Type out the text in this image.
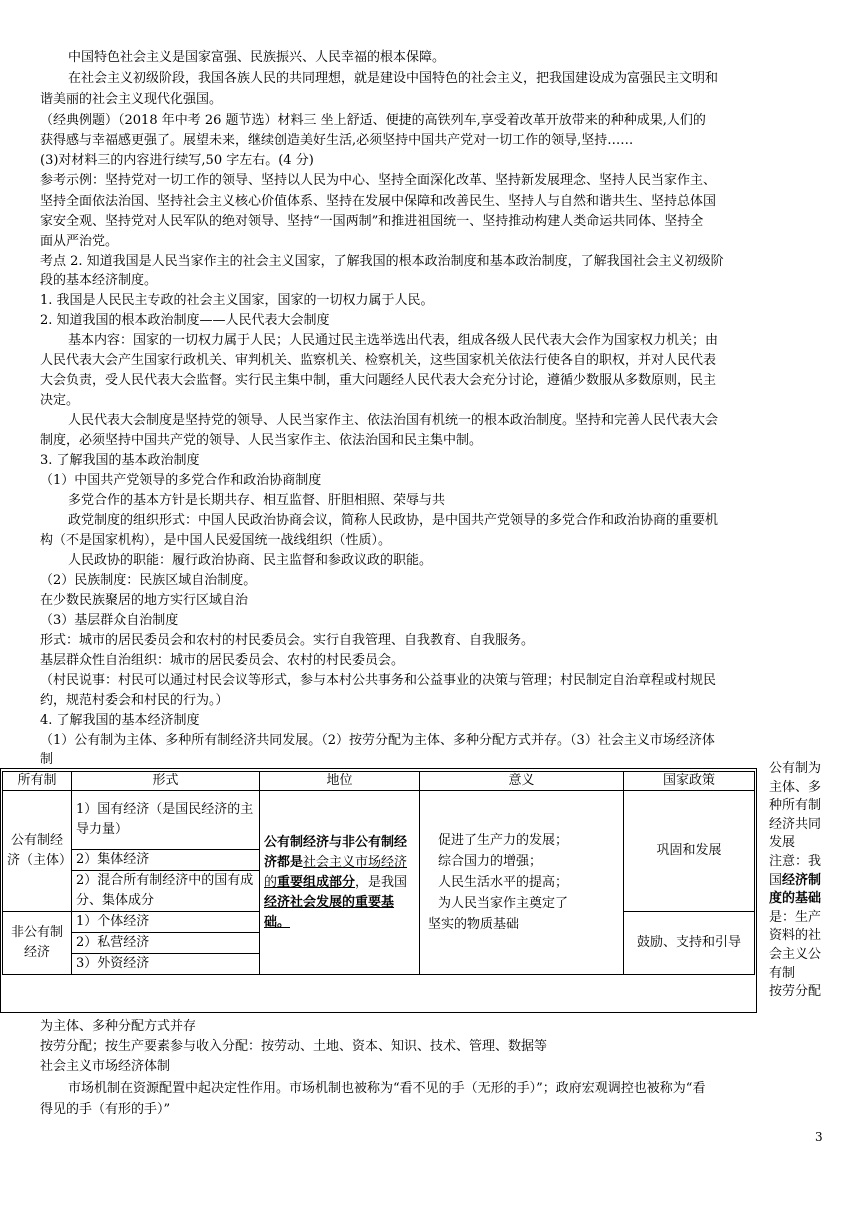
中国特色社会主义是国家富强、民族振兴、人民幸福的根本保障。
在社会主义初级阶段，我国各族人民的共同理想，就是建设中国特色的社会主义，把我国建设成为富强民主文明和
谐美丽的社会主义现代化强国。
（经典例题）（2018 年中考 26 题节选）材料三 坐上舒适、便捷的高铁列车,享受着改革开放带来的种种成果,人们的
获得感与幸福感更强了。展望未来，继续创造美好生活,必须坚持中国共产党对一切工作的领导,坚持……
(3)对材料三的内容进行续写,50 字左右。(4 分)
参考示例：坚持党对一切工作的领导、坚持以人民为中心、坚持全面深化改革、坚持新发展理念、坚持人民当家作主、
坚持全面依法治国、坚持社会主义核心价值体系、坚持在发展中保障和改善民生、坚持人与自然和谐共生、坚持总体国
家安全观、坚持党对人民军队的绝对领导、坚持“一国两制”和推进祖国统一、坚持推动构建人类命运共同体、坚持全
面从严治党。
考点 2. 知道我国是人民当家作主的社会主义国家，了解我国的根本政治制度和基本政治制度，了解我国社会主义初级阶
段的基本经济制度。
1. 我国是人民民主专政的社会主义国家，国家的一切权力属于人民。
2. 知道我国的根本政治制度——人民代表大会制度
基本内容：国家的一切权力属于人民；人民通过民主选举选出代表，组成各级人民代表大会作为国家权力机关；由
人民代表大会产生国家行政机关、审判机关、监察机关、检察机关，这些国家机关依法行使各自的职权，并对人民代表
大会负责，受人民代表大会监督。实行民主集中制，重大问题经人民代表大会充分讨论，遵循少数服从多数原则，民主
决定。
人民代表大会制度是坚持党的领导、人民当家作主、依法治国有机统一的根本政治制度。坚持和完善人民代表大会
制度，必须坚持中国共产党的领导、人民当家作主、依法治国和民主集中制。
3. 了解我国的基本政治制度
（1）中国共产党领导的多党合作和政治协商制度
多党合作的基本方针是长期共存、相互监督、肝胆相照、荣辱与共
政党制度的组织形式：中国人民政治协商会议，简称人民政协，是中国共产党领导的多党合作和政治协商的重要机
构（不是国家机构），是中国人民爱国统一战线组织（性质）。
人民政协的职能：履行政治协商、民主监督和参政议政的职能。
（2）民族制度：民族区域自治制度。
在少数民族聚居的地方实行区域自治
（3）基层群众自治制度
形式：城市的居民委员会和农村的村民委员会。实行自我管理、自我教育、自我服务。
基层群众性自治组织：城市的居民委员会、农村的村民委员会。
（村民说事：村民可以通过村民会议等形式，参与本村公共事务和公益事业的决策与管理；村民制定自治章程或村规民
约，规范村委会和村民的行为。）
4. 了解我国的基本经济制度
（1）公有制为主体、多种所有制经济共同发展。（2）按劳分配为主体、多种分配方式并存。（3）社会主义市场经济体
制
所有制	形式	地位	意义	国家政策
公有制经济（主体）	1）国有经济（是国民经济的主导力量）	公有制经济与非公有制经济都是社会主义市场经济的重要组成部分，是我国经济社会发展的重要基础。	促进了生产力的发展；
综合国力的增强；
人民生活水平的提高；
为人民当家作主奠定了
坚实的物质基础	巩固和发展
	2）集体经济			
	2）混合所有制经济中的国有成分、集体成分			
非公有制经济	1）个体经济			鼓励、支持和引导
	2）私营经济			
	3）外资经济			
公有制为主体、多种所有制经济共同发展
注意：我国经济制度的基础是：生产资料的社会主义公有制
按劳分配
为主体、多种分配方式并存
按劳分配；按生产要素参与收入分配：按劳动、土地、资本、知识、技术、管理、数据等
社会主义市场经济体制
市场机制在资源配置中起决定性作用。市场机制也被称为“看不见的手（无形的手）”；政府宏观调控也被称为“看
得见的手（有形的手）”
3
